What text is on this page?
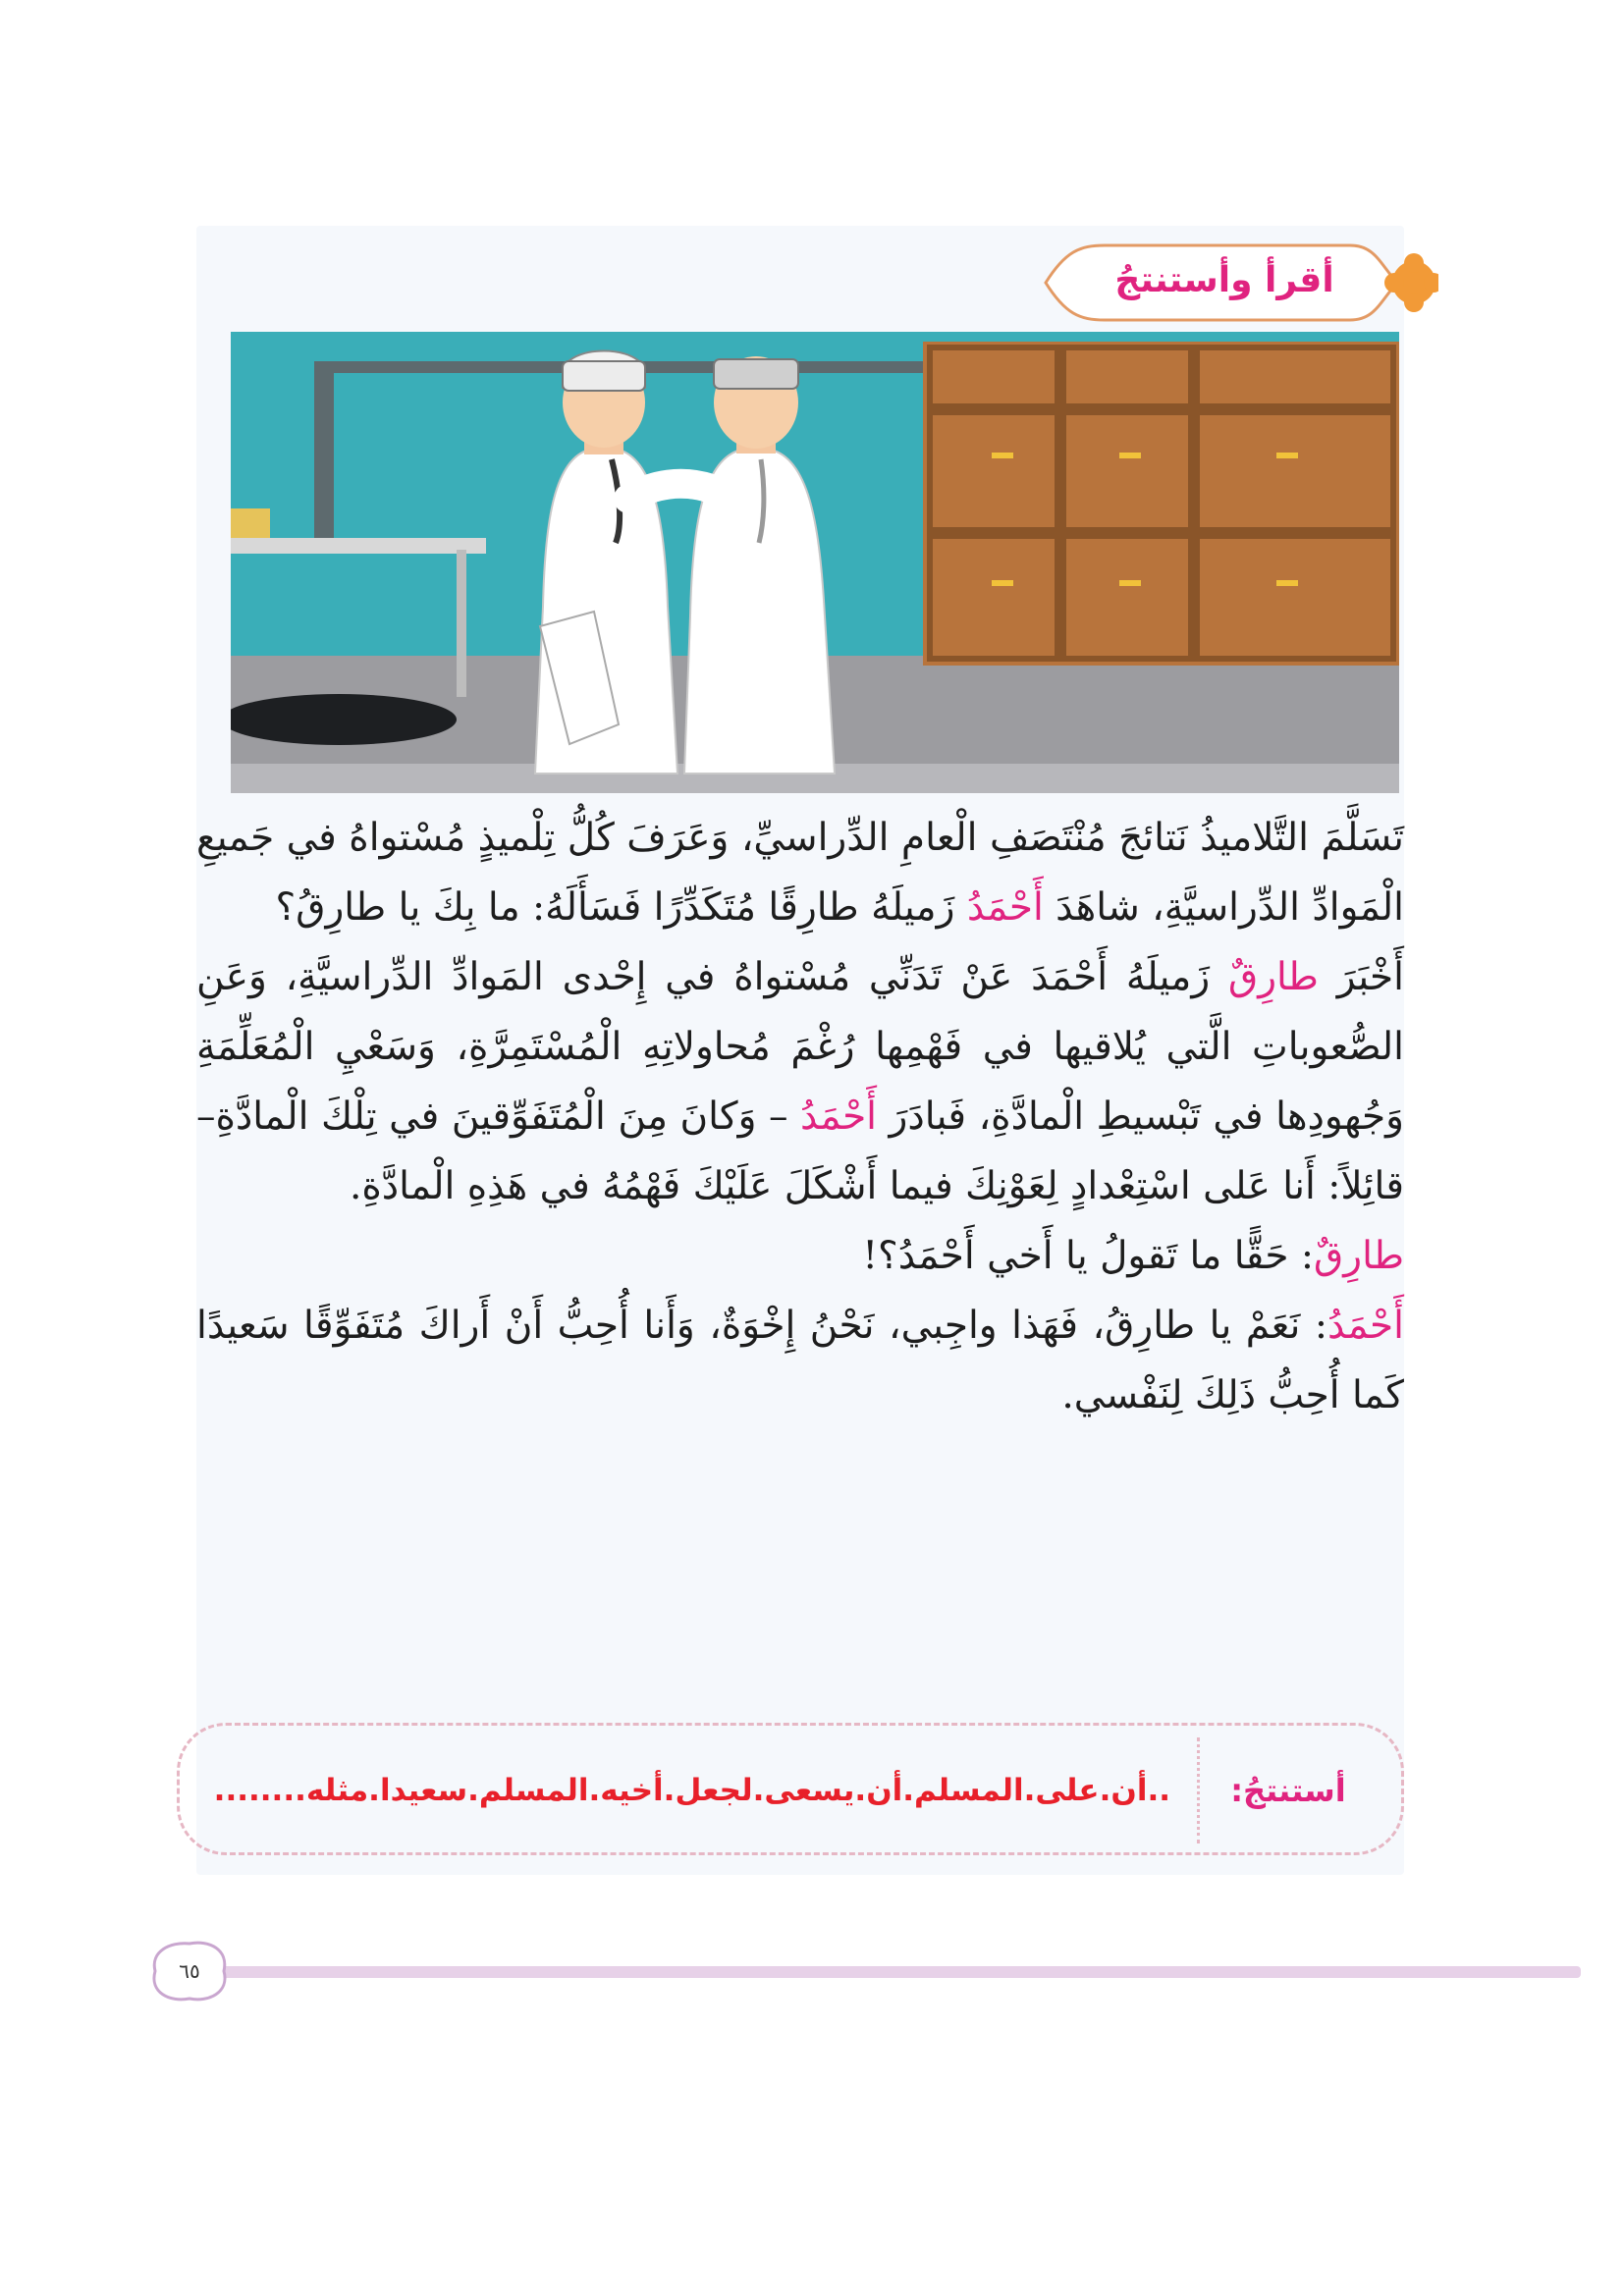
أقرأ وأستنتجُ

تَسَلَّمَ التَّلاميذُ نَتائجَ مُنْتَصَفِ الْعامِ الدِّراسيِّ، وَعَرَفَ كُلُّ تِلْميذٍ مُسْتواهُ في جَميعِ الْمَوادِّ الدِّراسيَّةِ، شاهَدَ أَحْمَدُ زَميلَهُ طارِقًا مُتَكَدِّرًا فَسَأَلَهُ: ما بِكَ يا طارِقُ؟

أَخْبَرَ طارِقٌ زَميلَهُ أَحْمَدَ عَنْ تَدَنِّي مُسْتواهُ في إِحْدى المَوادِّ الدِّراسيَّةِ، وَعَنِ الصُّعوباتِ الَّتي يُلاقيها في فَهْمِها رُغْمَ مُحاولاتِهِ الْمُسْتَمِرَّةِ، وَسَعْيِ الْمُعَلِّمَةِ وَجُهودِها في تَبْسيطِ الْمادَّةِ، فَبادَرَ أَحْمَدُ – وَكانَ مِنَ الْمُتَفَوِّقينَ في تِلْكَ الْمادَّةِ– قائِلاً: أَنا عَلى اسْتِعْدادٍ لِعَوْنِكَ فيما أَشْكَلَ عَلَيْكَ فَهْمُهُ في هَذِهِ الْمادَّةِ.

طارِقٌ: حَقًّا ما تَقولُ يا أَخي أَحْمَدُ؟!

أَحْمَدُ: نَعَمْ يا طارِقُ، فَهَذا واجِبي، نَحْنُ إِخْوَةٌ، وَأَنا أُحِبُّ أَنْ أَراكَ مُتَفَوِّقًا سَعيدًا كَما أُحِبُّ ذَلِكَ لِنَفْسي.

أستنتجُ:
..أن.على.المسلم.أن.يسعى.لجعل.أخيه.المسلم.سعيدا.مثله........
٦٥
